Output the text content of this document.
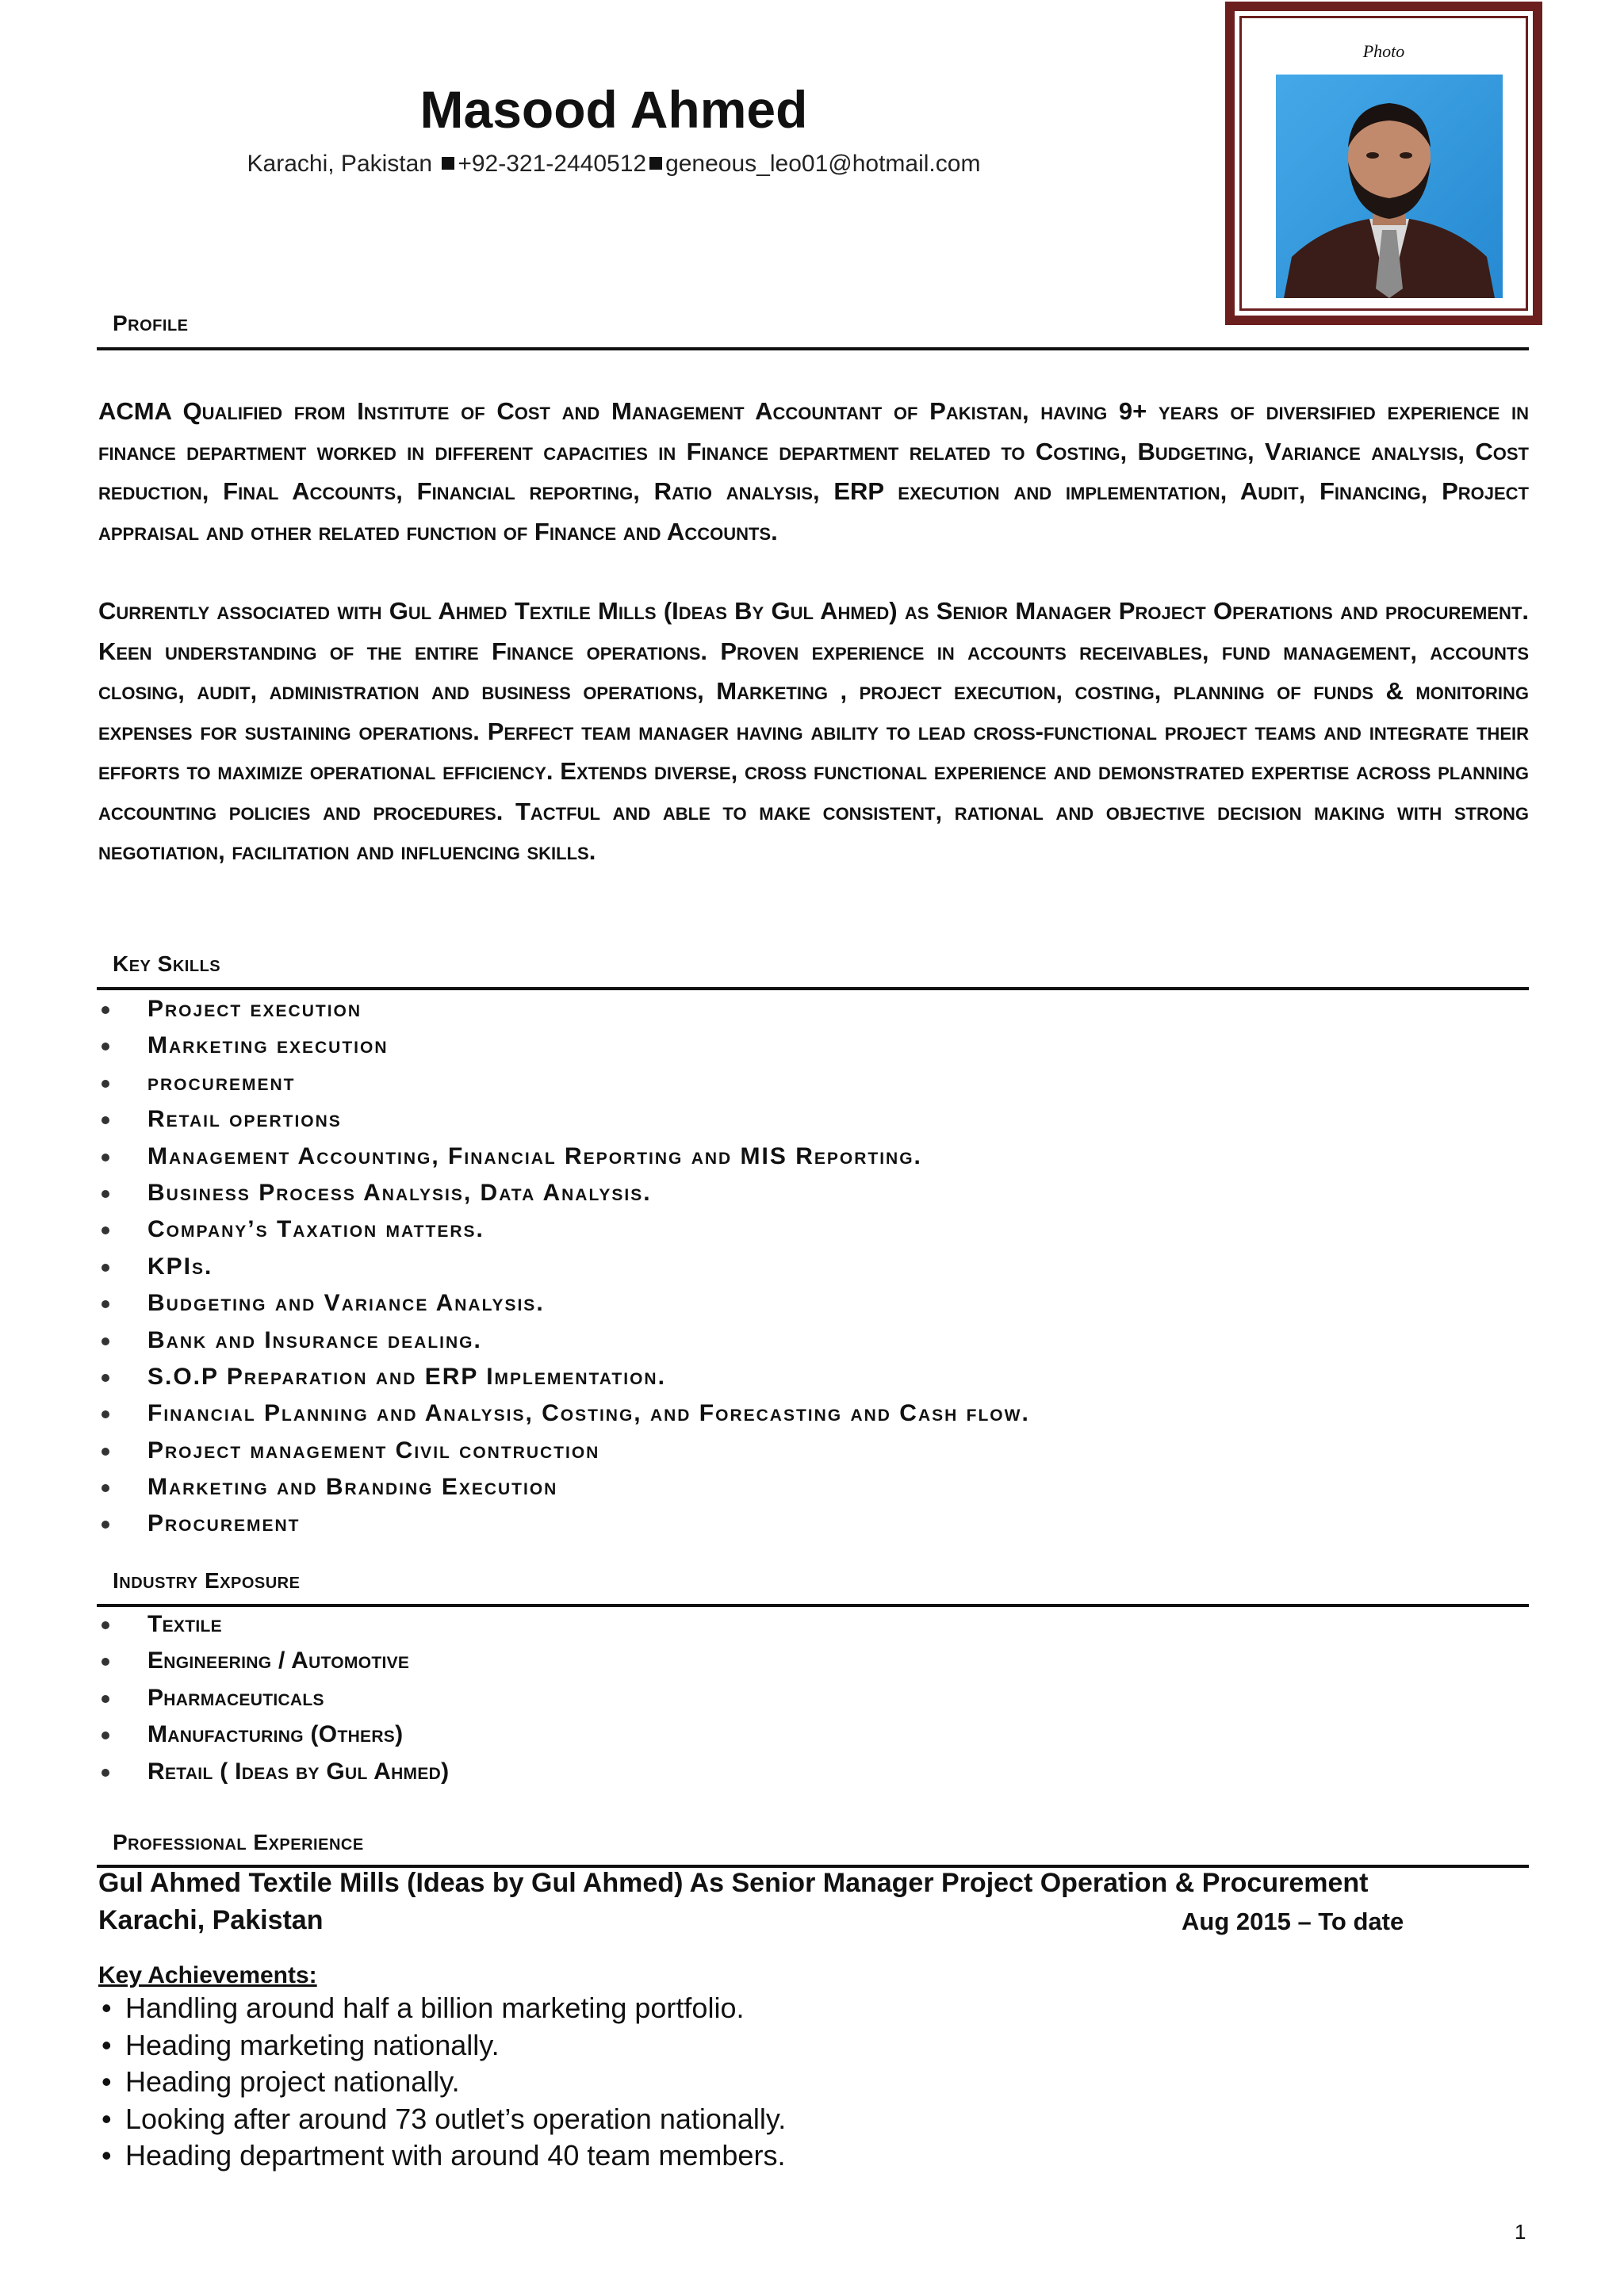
Masood Ahmed
Karachi, Pakistan +92-321-2440512 geneous_leo01@hotmail.com
Photo
Profile
ACMA Qualified from Institute of Cost and Management Accountant of Pakistan, having 9+ years of diversified experience in finance department worked in different capacities in Finance department related to Costing, Budgeting, Variance analysis, Cost reduction, Final Accounts, Financial reporting, Ratio analysis, ERP execution and implementation, Audit, Financing, Project appraisal and other related function of Finance and Accounts.
Currently associated with Gul Ahmed Textile Mills (Ideas By Gul Ahmed) as Senior Manager Project Operations and procurement. Keen understanding of the entire Finance operations. Proven experience in accounts receivables, fund management, accounts closing, audit, administration and business operations, Marketing , project execution, costing, planning of funds & monitoring expenses for sustaining operations. Perfect team manager having ability to lead cross-functional project teams and integrate their efforts to maximize operational efficiency. Extends diverse, cross functional experience and demonstrated expertise across planning accounting policies and procedures. Tactful and able to make consistent, rational and objective decision making with strong negotiation, facilitation and influencing skills.
Key Skills
Project execution
Marketing execution
procurement
Retail opertions
Management Accounting, Financial Reporting and MIS Reporting.
Business Process Analysis, Data Analysis.
Company’s Taxation matters.
KPIs.
Budgeting and Variance Analysis.
Bank and Insurance dealing.
S.O.P Preparation and ERP Implementation.
Financial Planning and Analysis, Costing, and Forecasting and Cash flow.
Project management Civil contruction
Marketing and Branding Execution
Procurement
Industry Exposure
Textile
Engineering / Automotive
Pharmaceuticals
Manufacturing (Others)
Retail ( Ideas by Gul Ahmed)
Professional Experience
Gul Ahmed Textile Mills (Ideas by Gul Ahmed) As Senior Manager Project Operation & Procurement
Karachi, Pakistan	Aug 2015 – To date
Key Achievements:
• Handling around half a billion marketing portfolio.
• Heading marketing nationally.
• Heading project nationally.
• Looking after around 73 outlet’s operation nationally.
• Heading department with around 40 team members.
1
